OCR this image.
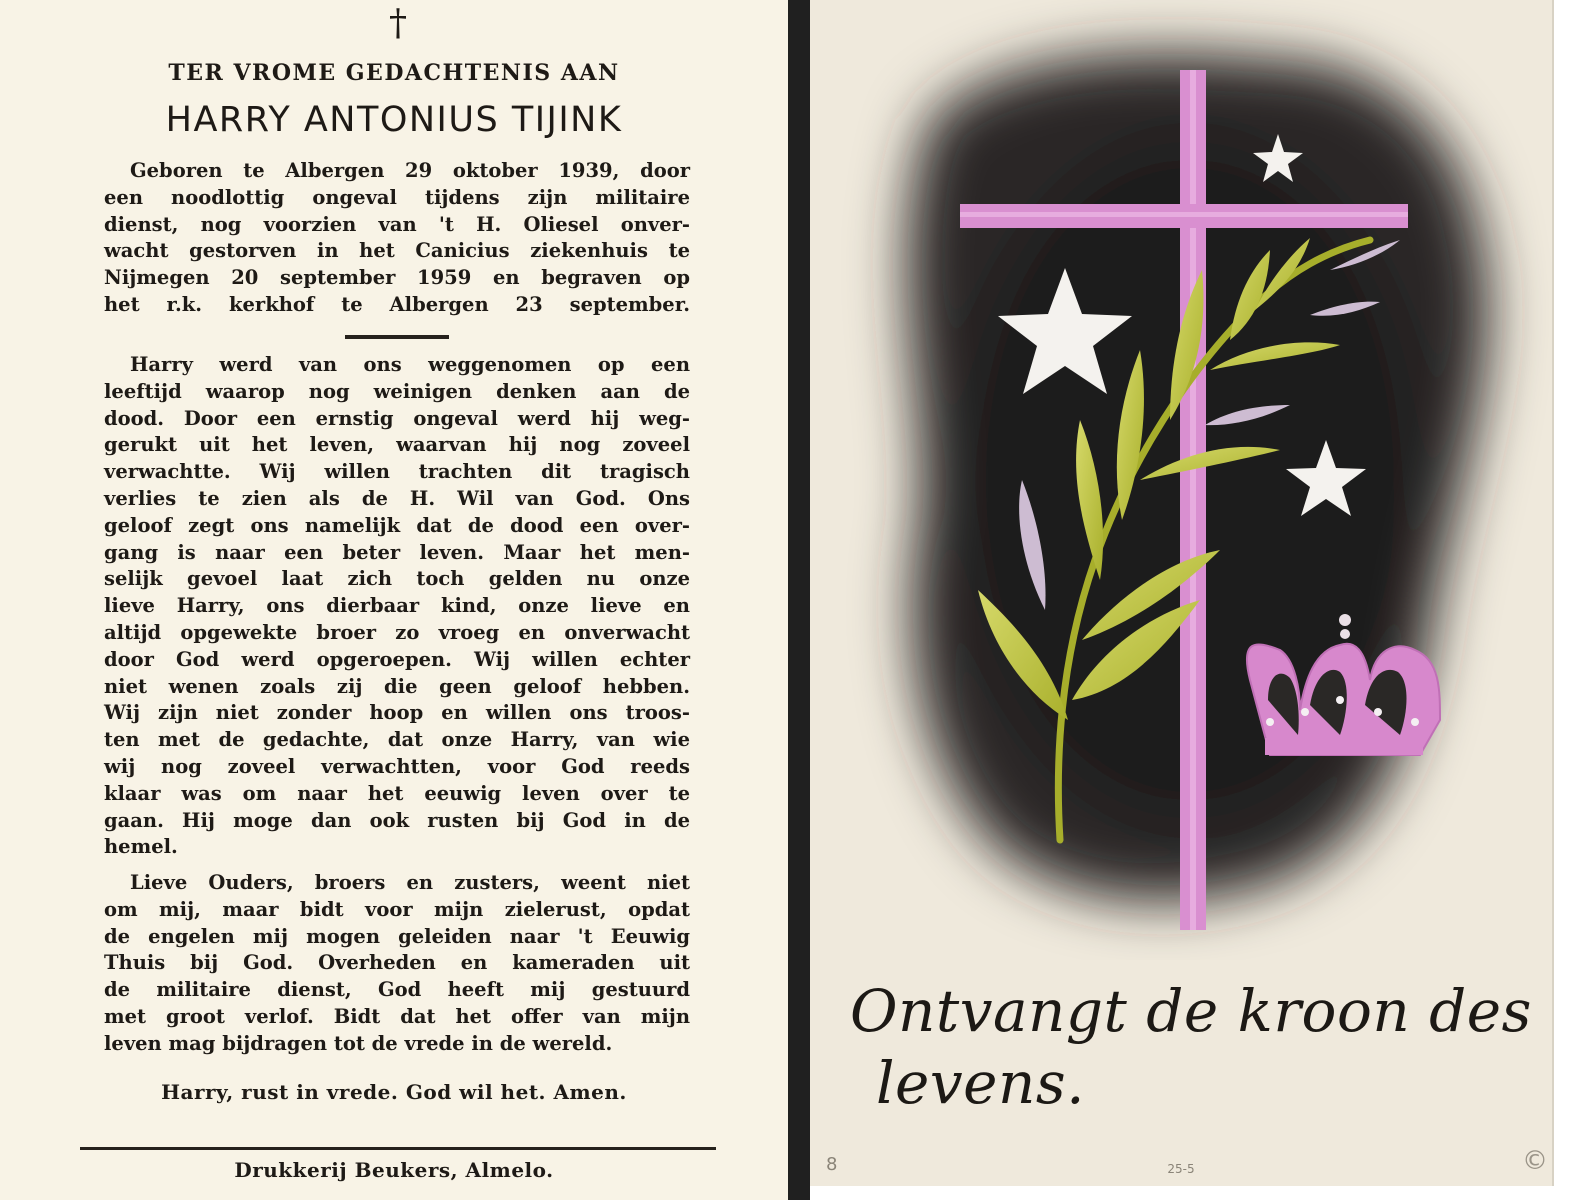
†
TER VROME GEDACHTENIS AAN
HARRY ANTONIUS TIJINK
Geboren te Albergen 29 oktober 1939, door
een noodlottig ongeval tijdens zijn militaire
dienst, nog voorzien van 't H. Oliesel onver-
wacht gestorven in het Canicius ziekenhuis te
Nijmegen 20 september 1959 en begraven op
het r.k. kerkhof te Albergen 23 september.
Harry werd van ons weggenomen op een
leeftijd waarop nog weinigen denken aan de
dood. Door een ernstig ongeval werd hij weg-
gerukt uit het leven, waarvan hij nog zoveel
verwachtte. Wij willen trachten dit tragisch
verlies te zien als de H. Wil van God. Ons
geloof zegt ons namelijk dat de dood een over-
gang is naar een beter leven. Maar het men-
selijk gevoel laat zich toch gelden nu onze
lieve Harry, ons dierbaar kind, onze lieve en
altijd opgewekte broer zo vroeg en onverwacht
door God werd opgeroepen. Wij willen echter
niet wenen zoals zij die geen geloof hebben.
Wij zijn niet zonder hoop en willen ons troos-
ten met de gedachte, dat onze Harry, van wie
wij nog zoveel verwachtten, voor God reeds
klaar was om naar het eeuwig leven over te
gaan. Hij moge dan ook rusten bij God in de
hemel.
Lieve Ouders, broers en zusters, weent niet
om mij, maar bidt voor mijn zielerust, opdat
de engelen mij mogen geleiden naar 't Eeuwig
Thuis bij God. Overheden en kameraden uit
de militaire dienst, God heeft mij gestuurd
met groot verlof. Bidt dat het offer van mijn
leven mag bijdragen tot de vrede in de wereld.
Harry, rust in vrede. God wil het. Amen.
Drukkerij Beukers, Almelo.
Ontvangt de kroon des
levens.
8	25-5	©
